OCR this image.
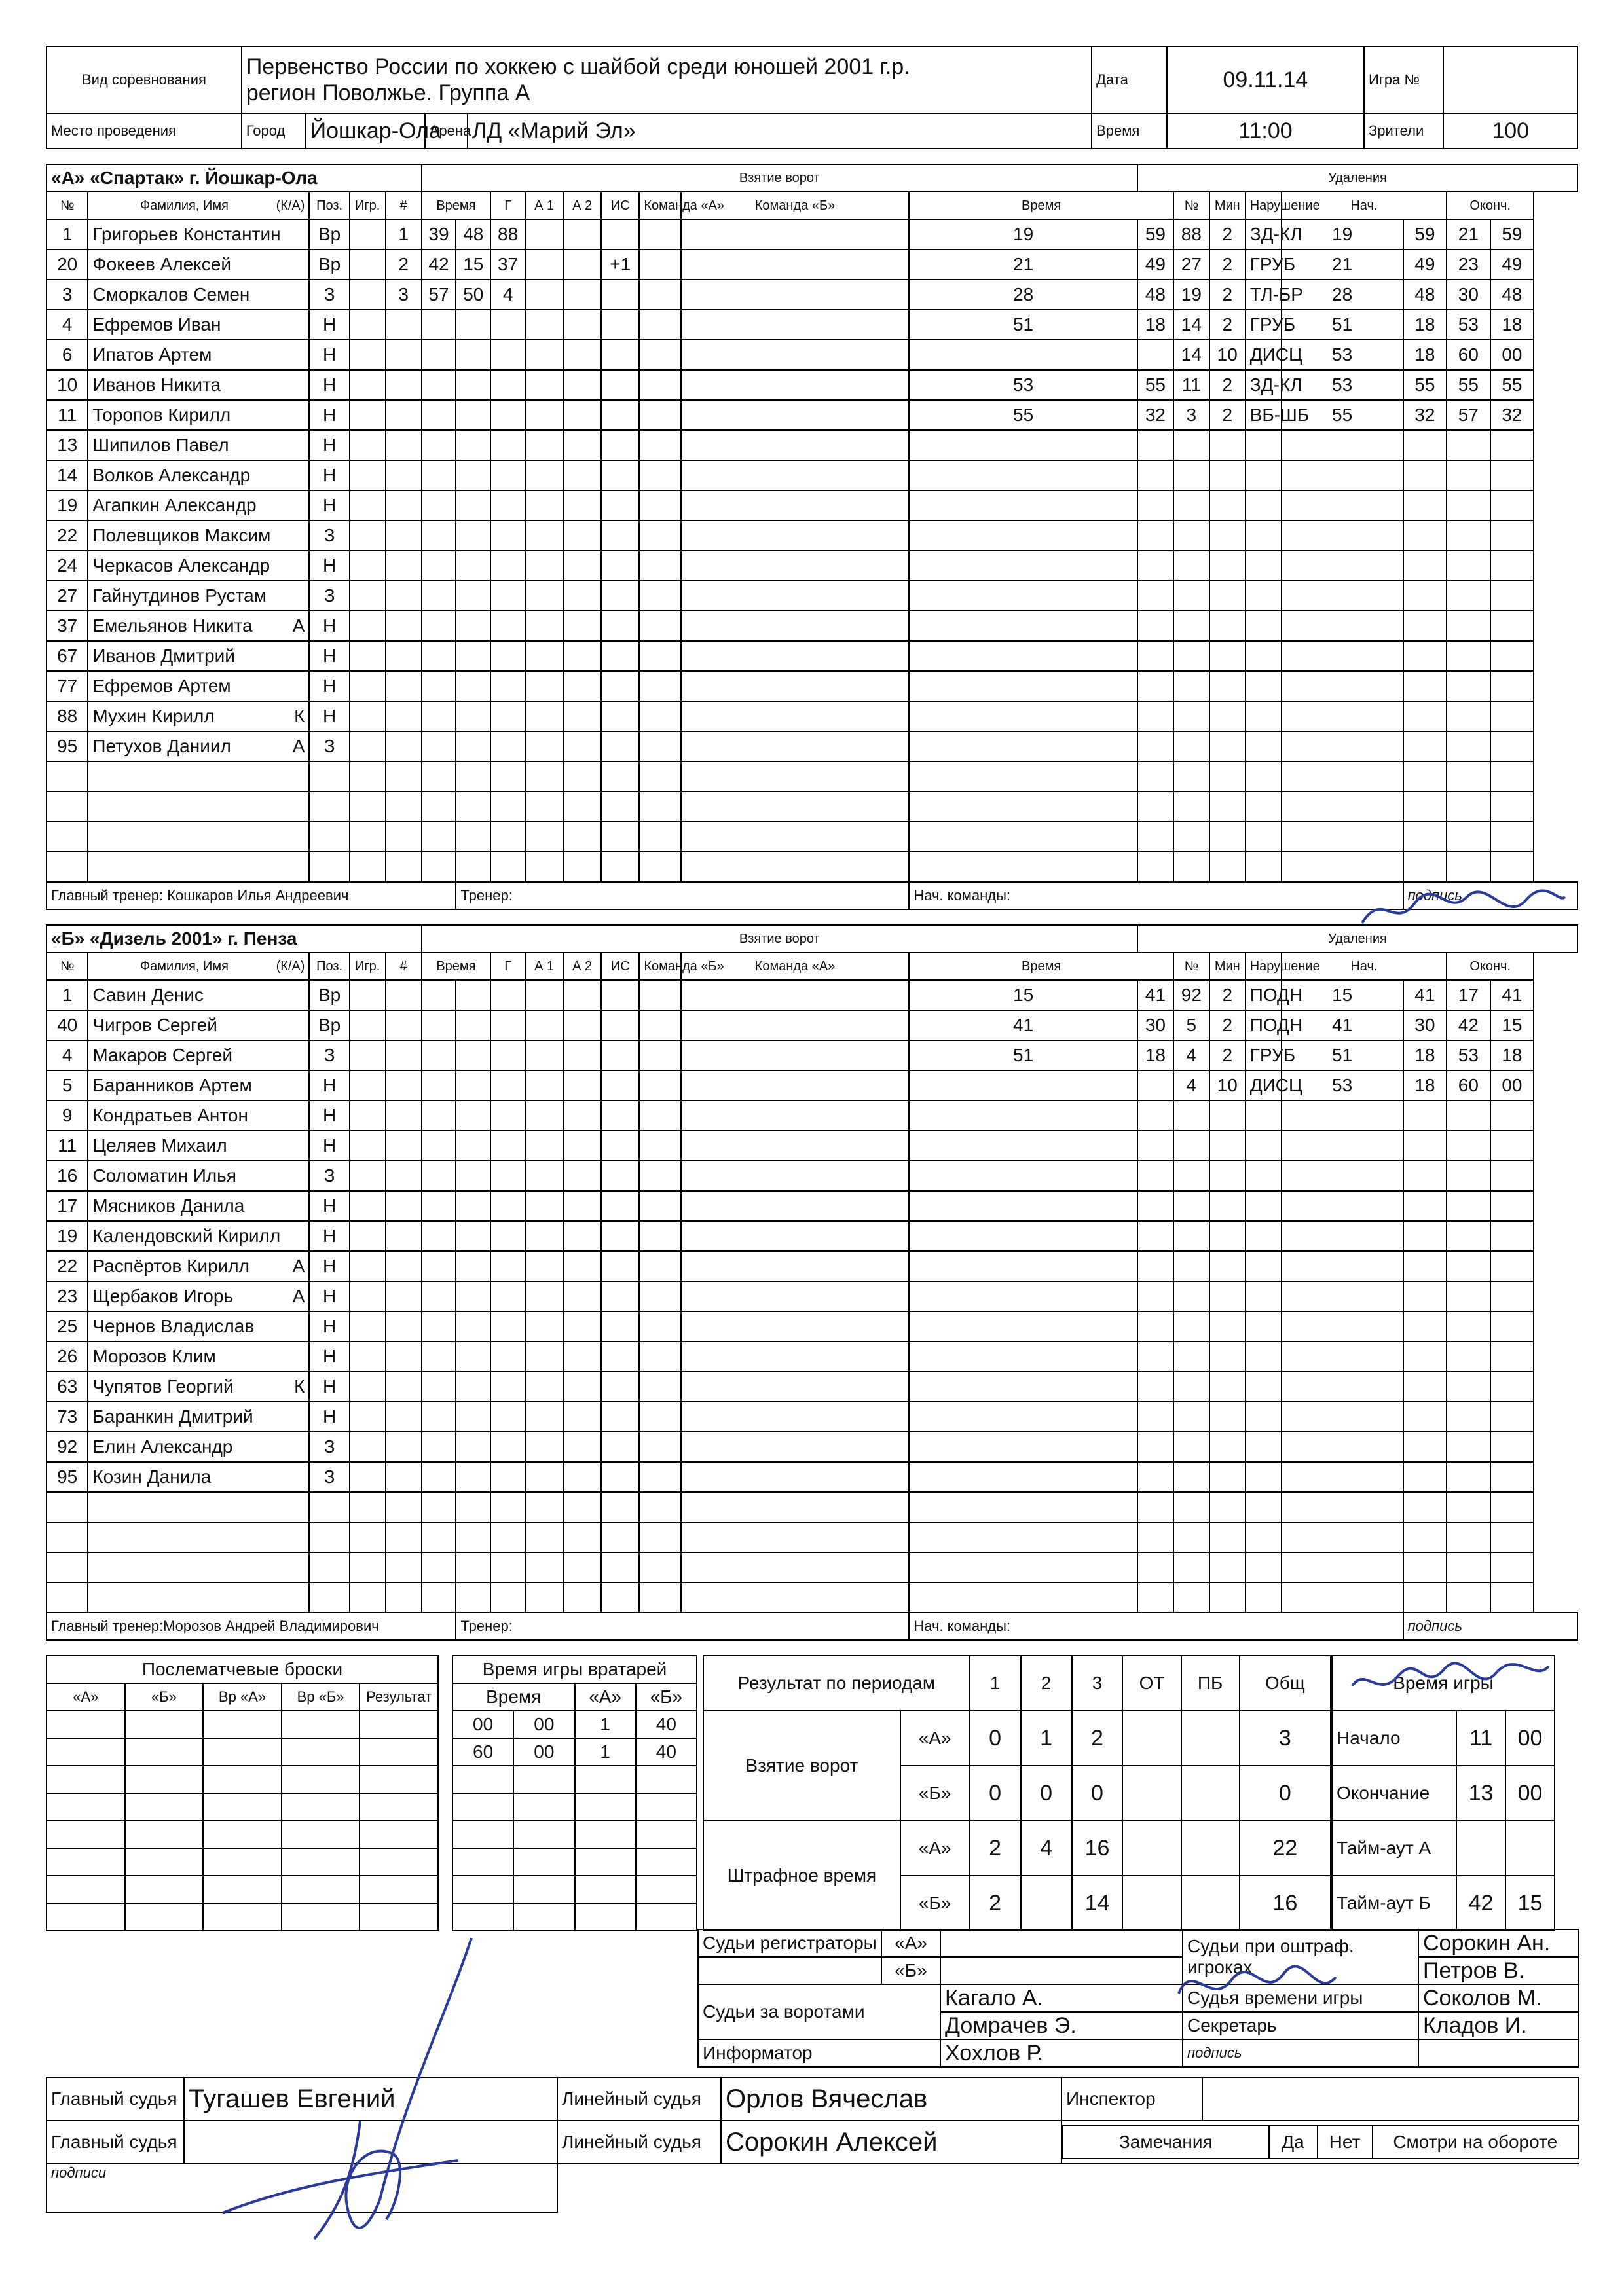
Вид соревнования	Первенство России по хоккею с шайбой среди юношей 2001 г.р.
регион Поволжье. Группа А				Дата	09.11.14	Игра №	
Место проведения	Город	Йошкар-Ола	Арена	ЛД «Марий Эл»	Время	11:00	Зрители	100
«А» «Спартак» г. Йошкар-Ола					Взятие ворот									Удаления							
№	Фамилия, Имя (К/А)	Поз.	Игр.	#	Время		Г	А 1	А 2	ИС	Команда «А»	Команда «Б»	Время		№	Мин	Нарушение	Нач.		Оконч.	
1	Григорьев Константин	Вр		1	39	48	88						19	59	88	2	ЗД-КЛ	19	59	21	59
20	Фокеев Алексей	Вр		2	42	15	37			+1			21	49	27	2	ГРУБ	21	49	23	49
3	Сморкалов Семен	З		3	57	50	4						28	48	19	2	ТЛ-БР	28	48	30	48
4	Ефремов Иван	Н											51	18	14	2	ГРУБ	51	18	53	18
6	Ипатов Артем	Н													14	10	ДИСЦ	53	18	60	00
10	Иванов Никита	Н											53	55	11	2	ЗД-КЛ	53	55	55	55
11	Торопов Кирилл	Н											55	32	3	2	ВБ-ШБ	55	32	57	32
13	Шипилов Павел	Н																			
14	Волков Александр	Н																			
19	Агапкин Александр	Н																			
22	Полевщиков Максим	З																			
24	Черкасов Александр	Н																			
27	Гайнутдинов Рустам	З																			
37	Емельянов Никита А	Н																			
67	Иванов Дмитрий	Н																			
77	Ефремов Артем	Н																			
88	Мухин Кирилл К	Н																			
95	Петухов Даниил А	З																			

Главный тренер: Кошкаров Илья Андреевич						Тренер:							Нач. команды:						подпись		
«Б» «Дизель 2001» г. Пенза					Взятие ворот									Удаления							
№	Фамилия, Имя (К/А)	Поз.	Игр.	#	Время		Г	А 1	А 2	ИС	Команда «Б»	Команда «А»	Время		№	Мин	Нарушение	Нач.		Оконч.	
1	Савин Денис	Вр											15	41	92	2	ПОДН	15	41	17	41
40	Чигров Сергей	Вр											41	30	5	2	ПОДН	41	30	42	15
4	Макаров Сергей	З											51	18	4	2	ГРУБ	51	18	53	18
5	Баранников Артем	Н													4	10	ДИСЦ	53	18	60	00
9	Кондратьев Антон	Н																			
11	Целяев Михаил	Н																			
16	Соломатин Илья	З																			
17	Мясников Данила	Н																			
19	Календовский Кирилл	Н																			
22	Распёртов Кирилл А	Н																			
23	Щербаков Игорь А	Н																			
25	Чернов Владислав	Н																			
26	Морозов Клим	Н																			
63	Чупятов Георгий К	Н																			
73	Баранкин Дмитрий	Н																			
92	Елин Александр	З																			
95	Козин Данила	З																			

Главный тренер:Морозов Андрей Владимирович						Тренер:							Нач. команды:						подпись		
Послематчевые броски				
«А»	«Б»	Вр «А»	Вр «Б»	Результат

Время игры вратарей			
Время		«А»	«Б»
00	00	1	40
60	00	1	40

Результат по периодам		1	2	3	ОТ	ПБ	Общ
Взятие ворот	«А»	0	1	2			3
	«Б»	0	0	0			0
Штрафное время	«А»	2	4	16			22
	«Б»	2		14			16
Время игры		
Начало	11	00
Окончание	13	00
Тайм-аут А		
Тайм-аут Б	42	15
Судьи регистраторы	«А»		Судьи при оштраф. игроках	Сорокин Ан.
	«Б»			Петров В.
Судьи за воротами		Кагало А.	Судья времени игры	Соколов М.
		Домрачев Э.	Секретарь	Кладов И.
Информатор		Хохлов Р.	подпись	
Главный судья	Тугашев Евгений	Линейный судья	Орлов Вячеслав	Инспектор	
Главный судья		Линейный судья	Сорокин Алексей		Замечания	Да	Нет	Смотри на обороте

подписи	
